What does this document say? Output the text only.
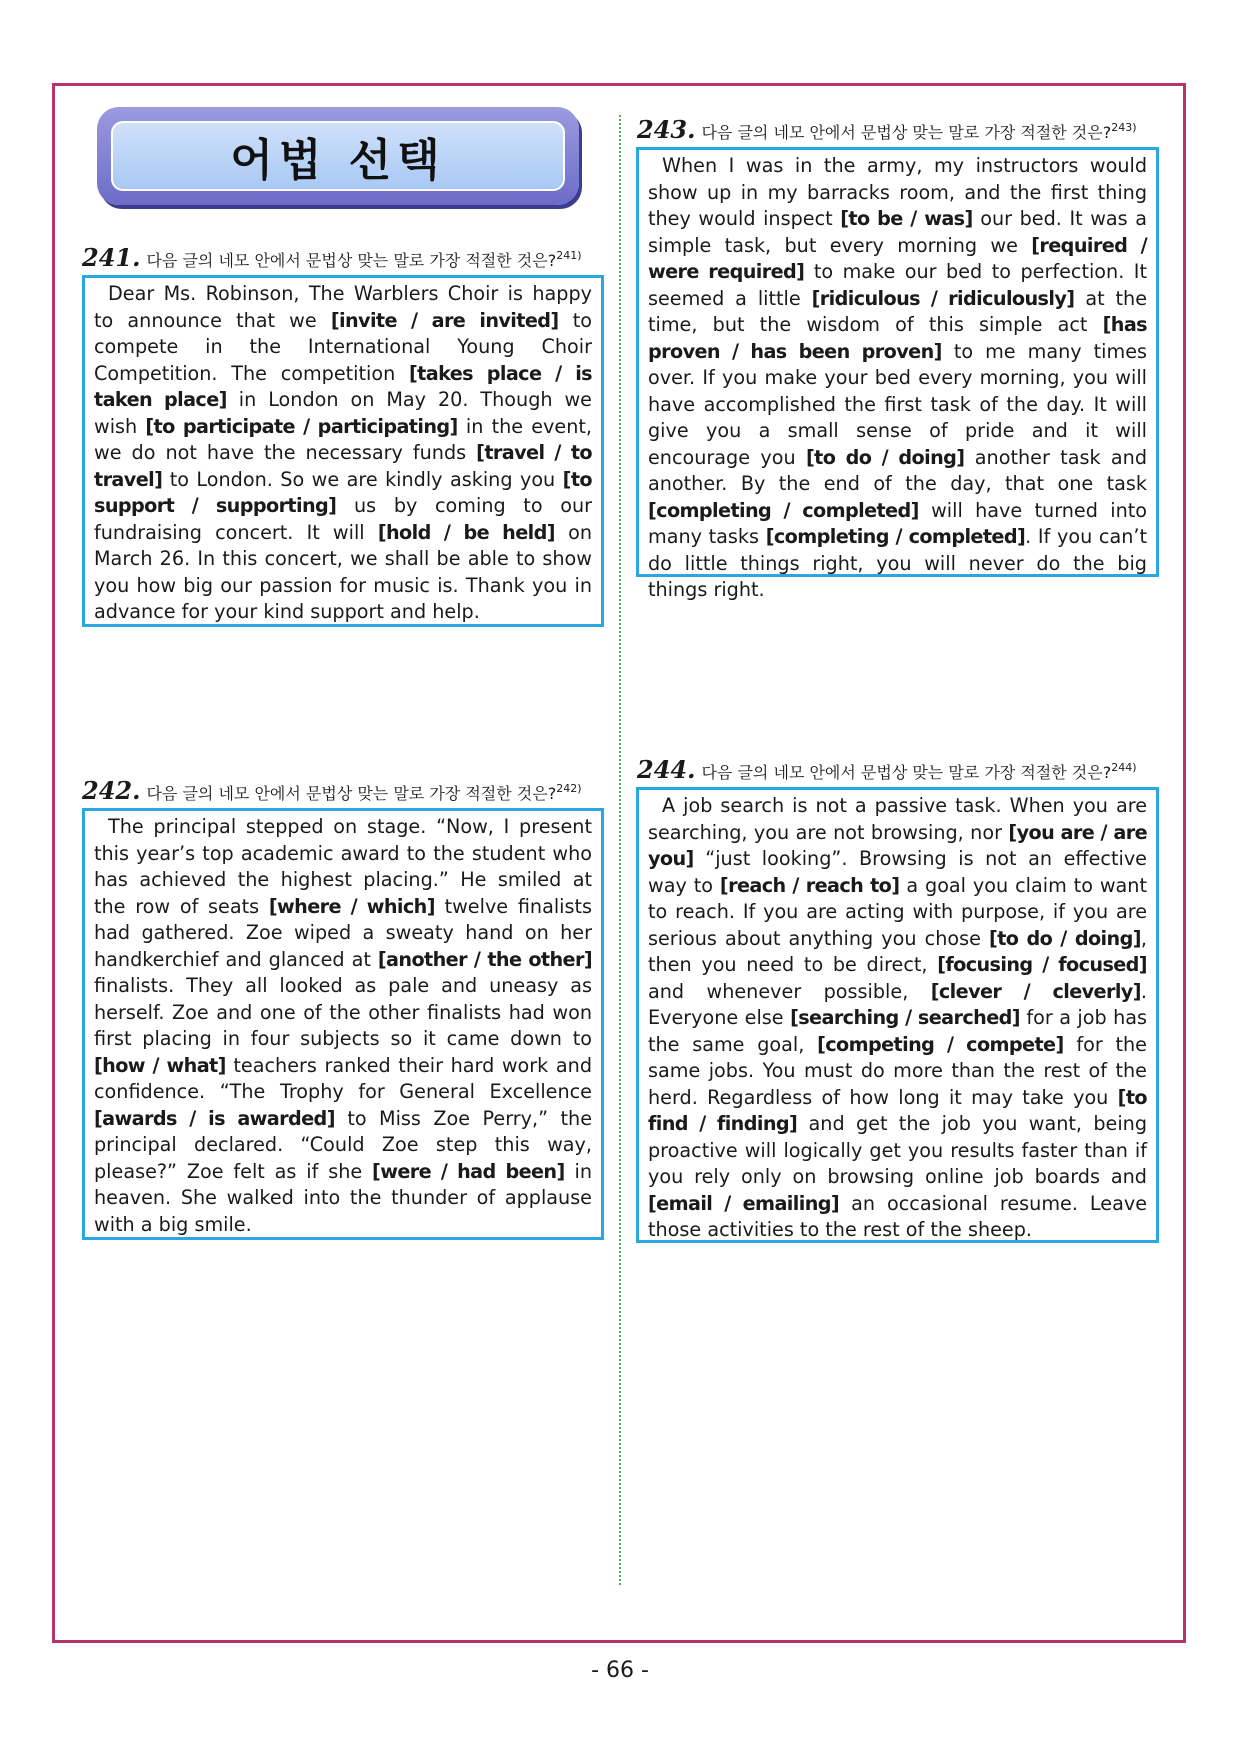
어법 선택
241. 다음 글의 네모 안에서 문법상 맞는 말로 가장 적절한 것은? 241)

Dear Ms. Robinson, The Warblers Choir is happy to announce that we [invite / are invited] to compete in the International Young Choir Competition. The competition [takes place / is taken place] in London on May 20. Though we wish [to participate / participating] in the event, we do not have the necessary funds [travel / to travel] to London. So we are kindly asking you [to support / supporting] us by coming to our fundraising concert. It will [hold / be held] on March 26. In this concert, we shall be able to show you how big our passion for music is. Thank you in advance for your kind support and help.

242. 다음 글의 네모 안에서 문법상 맞는 말로 가장 적절한 것은? 242)

The principal stepped on stage. “Now, I present this year’s top academic award to the student who has achieved the highest placing.” He smiled at the row of seats [where / which] twelve finalists had gathered. Zoe wiped a sweaty hand on her handkerchief and glanced at [another / the other] finalists. They all looked as pale and uneasy as herself. Zoe and one of the other finalists had won first placing in four subjects so it came down to [how / what] teachers ranked their hard work and confidence. “The Trophy for General Excellence [awards / is awarded] to Miss Zoe Perry,” the principal declared. “Could Zoe step this way, please?” Zoe felt as if she [were / had been] in heaven. She walked into the thunder of applause with a big smile.

243. 다음 글의 네모 안에서 문법상 맞는 말로 가장 적절한 것은? 243)

When I was in the army, my instructors would show up in my barracks room, and the first thing they would inspect [to be / was] our bed. It was a simple task, but every morning we [required / were required] to make our bed to perfection. It seemed a little [ridiculous / ridiculously] at the time, but the wisdom of this simple act [has proven / has been proven] to me many times over. If you make your bed every morning, you will have accomplished the first task of the day. It will give you a small sense of pride and it will encourage you [to do / doing] another task and another. By the end of the day, that one task [completing / completed] will have turned into many tasks [completing / completed]. If you can’t do little things right, you will never do the big things right.

244. 다음 글의 네모 안에서 문법상 맞는 말로 가장 적절한 것은? 244)

A job search is not a passive task. When you are searching, you are not browsing, nor [you are / are you] “just looking”. Browsing is not an effective way to [reach / reach to] a goal you claim to want to reach. If you are acting with purpose, if you are serious about anything you chose [to do / doing], then you need to be direct, [focusing / focused] and whenever possible, [clever / cleverly]. Everyone else [searching / searched] for a job has the same goal, [competing / compete] for the same jobs. You must do more than the rest of the herd. Regardless of how long it may take you [to find / finding] and get the job you want, being proactive will logically get you results faster than if you rely only on browsing online job boards and [email / emailing] an occasional resume. Leave those activities to the rest of the sheep.

- 66 -
